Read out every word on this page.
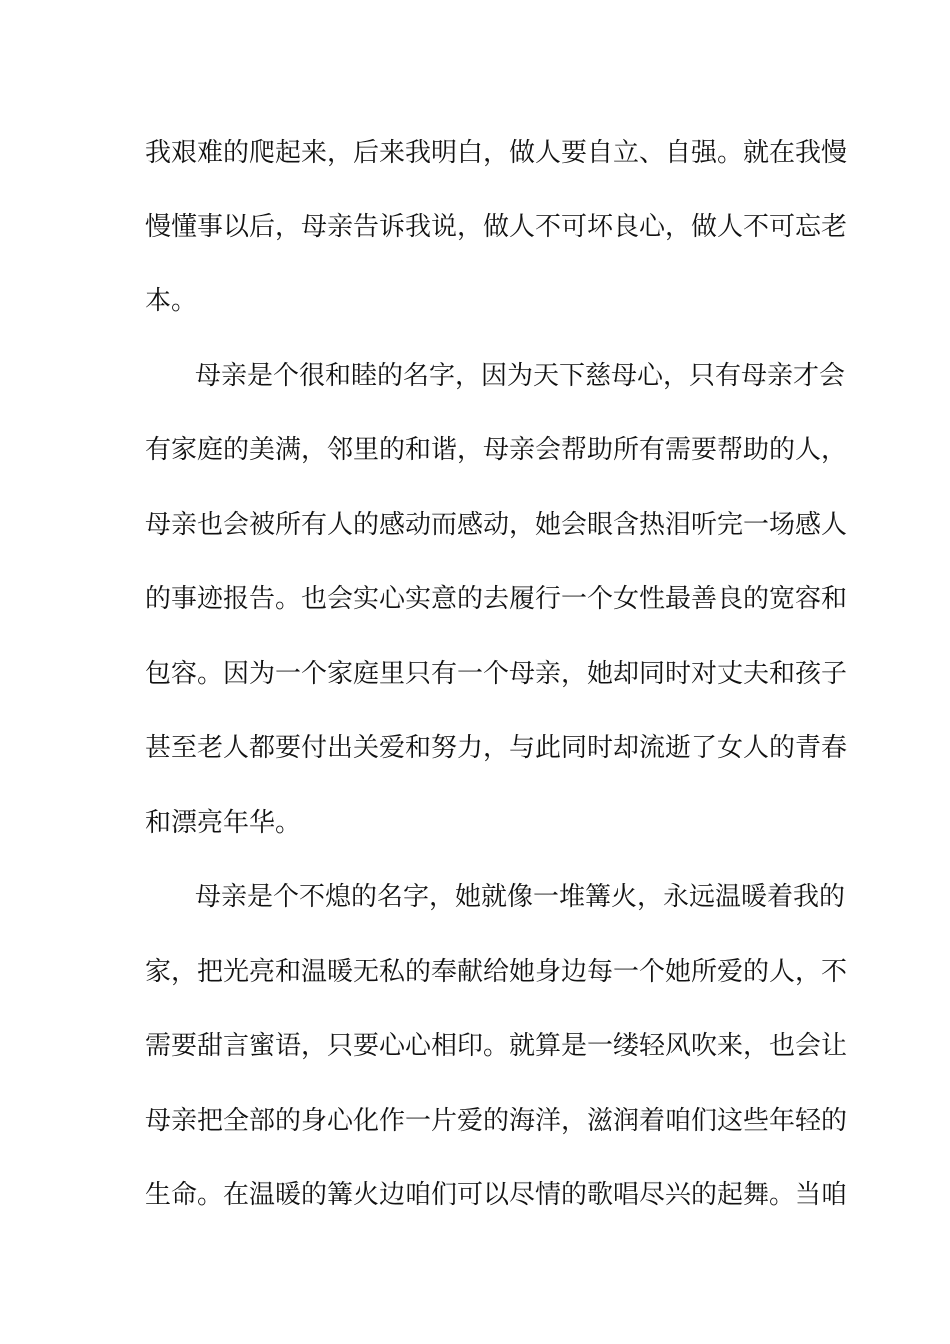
我艰难的爬起来，后来我明白，做人要自立、自强。就在我慢
慢懂事以后，母亲告诉我说，做人不可坏良心，做人不可忘老
本。
母亲是个很和睦的名字，因为天下慈母心，只有母亲才会
有家庭的美满，邻里的和谐，母亲会帮助所有需要帮助的人，
母亲也会被所有人的感动而感动，她会眼含热泪听完一场感人
的事迹报告。也会实心实意的去履行一个女性最善良的宽容和
包容。因为一个家庭里只有一个母亲，她却同时对丈夫和孩子
甚至老人都要付出关爱和努力，与此同时却流逝了女人的青春
和漂亮年华。
母亲是个不熄的名字，她就像一堆篝火，永远温暖着我的
家，把光亮和温暖无私的奉献给她身边每一个她所爱的人，不
需要甜言蜜语，只要心心相印。就算是一缕轻风吹来，也会让
母亲把全部的身心化作一片爱的海洋，滋润着咱们这些年轻的
生命。在温暖的篝火边咱们可以尽情的歌唱尽兴的起舞。当咱
